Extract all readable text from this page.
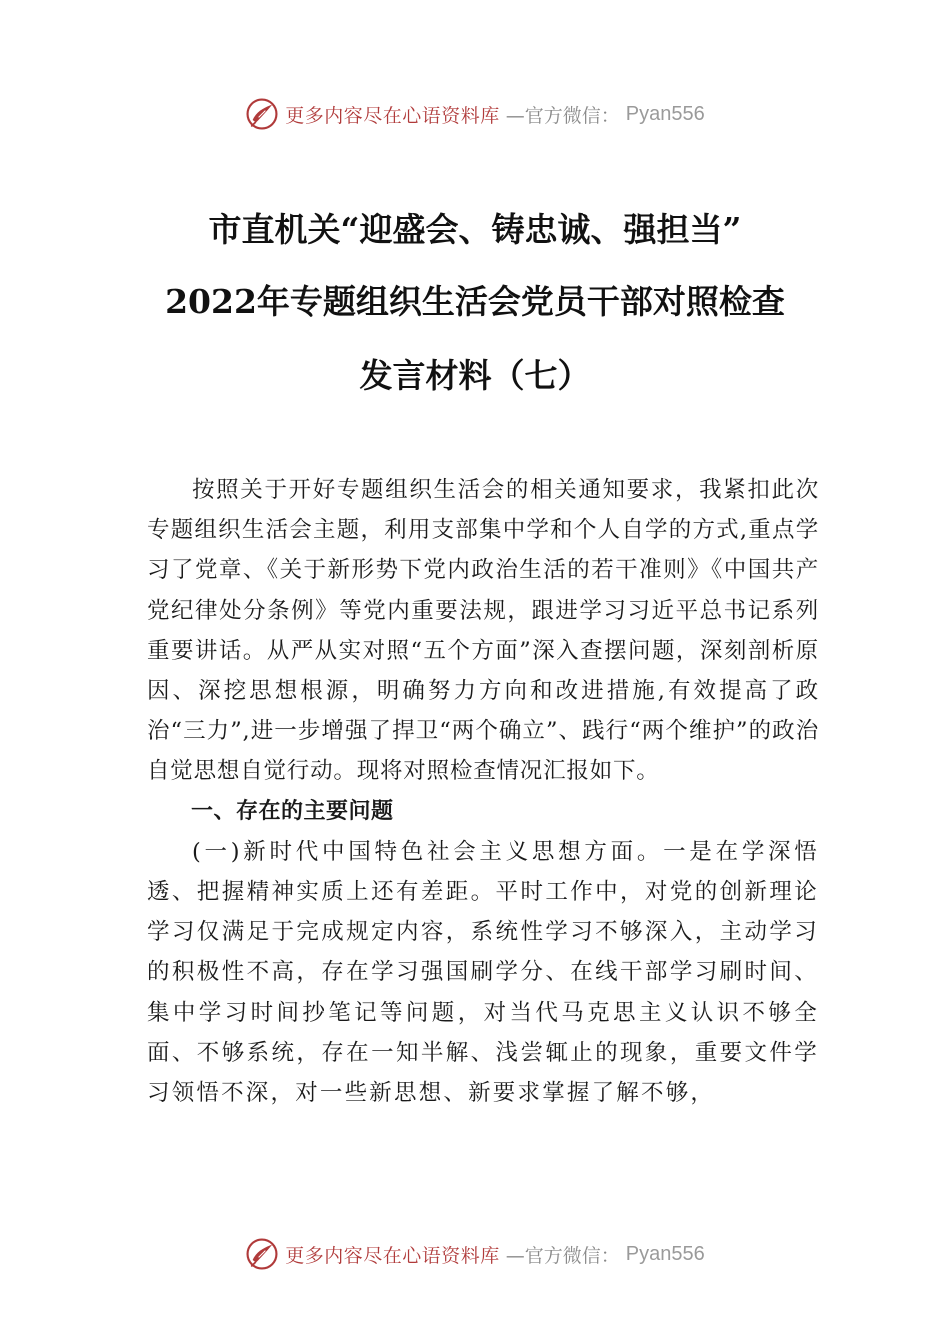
更多内容尽在心语资料库 —官方微信： Pyan556
市直机关“迎盛会、铸忠诚、强担当”
2022年专题组织生活会党员干部对照检查
发言材料（七）

按照关于开好专题组织生活会的相关通知要求，我紧扣此次专题组织生活会主题，利用支部集中学和个人自学的方式,重点学习了党章、《关于新形势下党内政治生活的若干准则》《中国共产党纪律处分条例》等党内重要法规，跟进学习习近平总书记系列重要讲话。从严从实对照“五个方面”深入查摆问题，深刻剖析原因、深挖思想根源，明确努力方向和改进措施,有效提高了政治“三力”,进一步增强了捍卫“两个确立”、践行“两个维护”的政治自觉思想自觉行动。现将对照检查情况汇报如下。

一、存在的主要问题

(一)新时代中国特色社会主义思想方面。一是在学深悟透、把握精神实质上还有差距。平时工作中，对党的创新理论学习仅满足于完成规定内容，系统性学习不够深入，主动学习的积极性不高，存在学习强国刷学分、在线干部学习刷时间、集中学习时间抄笔记等问题，对当代马克思主义认识不够全面、不够系统，存在一知半解、浅尝辄止的现象，重要文件学习领悟不深，对一些新思想、新要求掌握了解不够，

更多内容尽在心语资料库 —官方微信： Pyan556
